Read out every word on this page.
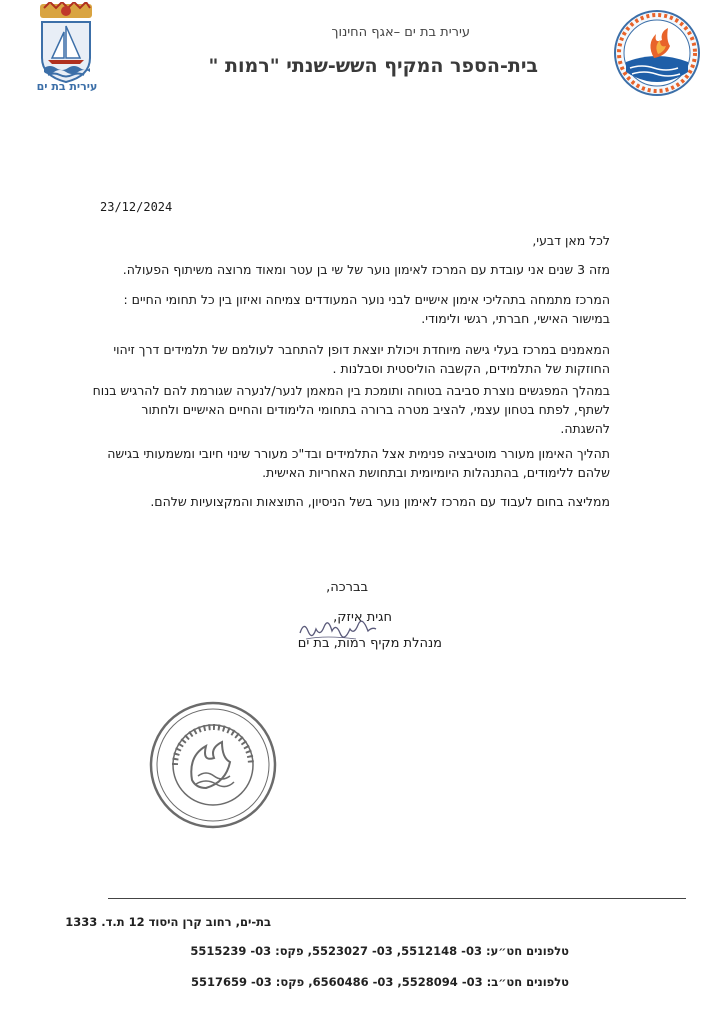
עירית בת ים
עירית בת ים –אגף החינוך
בית-הספר המקיף השש-שנתי "רמות "
23/12/2024
לכל מאן דבעי,
מזה 3 שנים אני עובדת עם המרכז לאימון נוער של שי בן עטר ומאוד מרוצה משיתוף הפעולה.
המרכז מתמחה בתהליכי אימון אישיים לבני נוער המעודדים צמיחה ואיזון בין כל תחומי החיים : במישור האישי, חברתי, רגשי ולימודי.
המאמנים במרכז בעלי גישה מיוחדת ויכולת יוצאת דופן להתחבר לעולמם של תלמידים דרך זיהוי החוזקות של התלמידים, הקשבה הוליסטית וסבלנות .
במהלך המפגשים נוצרת סביבה בטוחה ותומכת בין המאמן לנער/לנערה שגורמת להם להרגיש בנוח לשתף, לפתח בטחון עצמי, להציב מטרה ברורה בתחומי הלימודים והחיים האישיים ולחתור להשגתה.
תהליך האימון מעורר מוטיבציה פנימית אצל התלמידים ובד"כ מעורר שינוי חיובי ומשמעותי בגישה שלהם ללימודים, בהתנהלות היומיומית ובתחושת האחריות האישית.
ממליצה בחום לעבוד עם המרכז לאימון נוער בשל הניסיון, התוצאות והמקצועיות שלהם.
בברכה,
חגית איזק,
מנהלת מקיף רמות, בת ים
בת-ים, רחוב קרן היסוד 12 ת.ד. 1333
טלפונים חט״ע: 03- 5512148, 03- 5523027, פקס: 03- 5515239
טלפונים חט״ב: 03- 5528094, 03- 6560486, פקס: 03- 5517659
